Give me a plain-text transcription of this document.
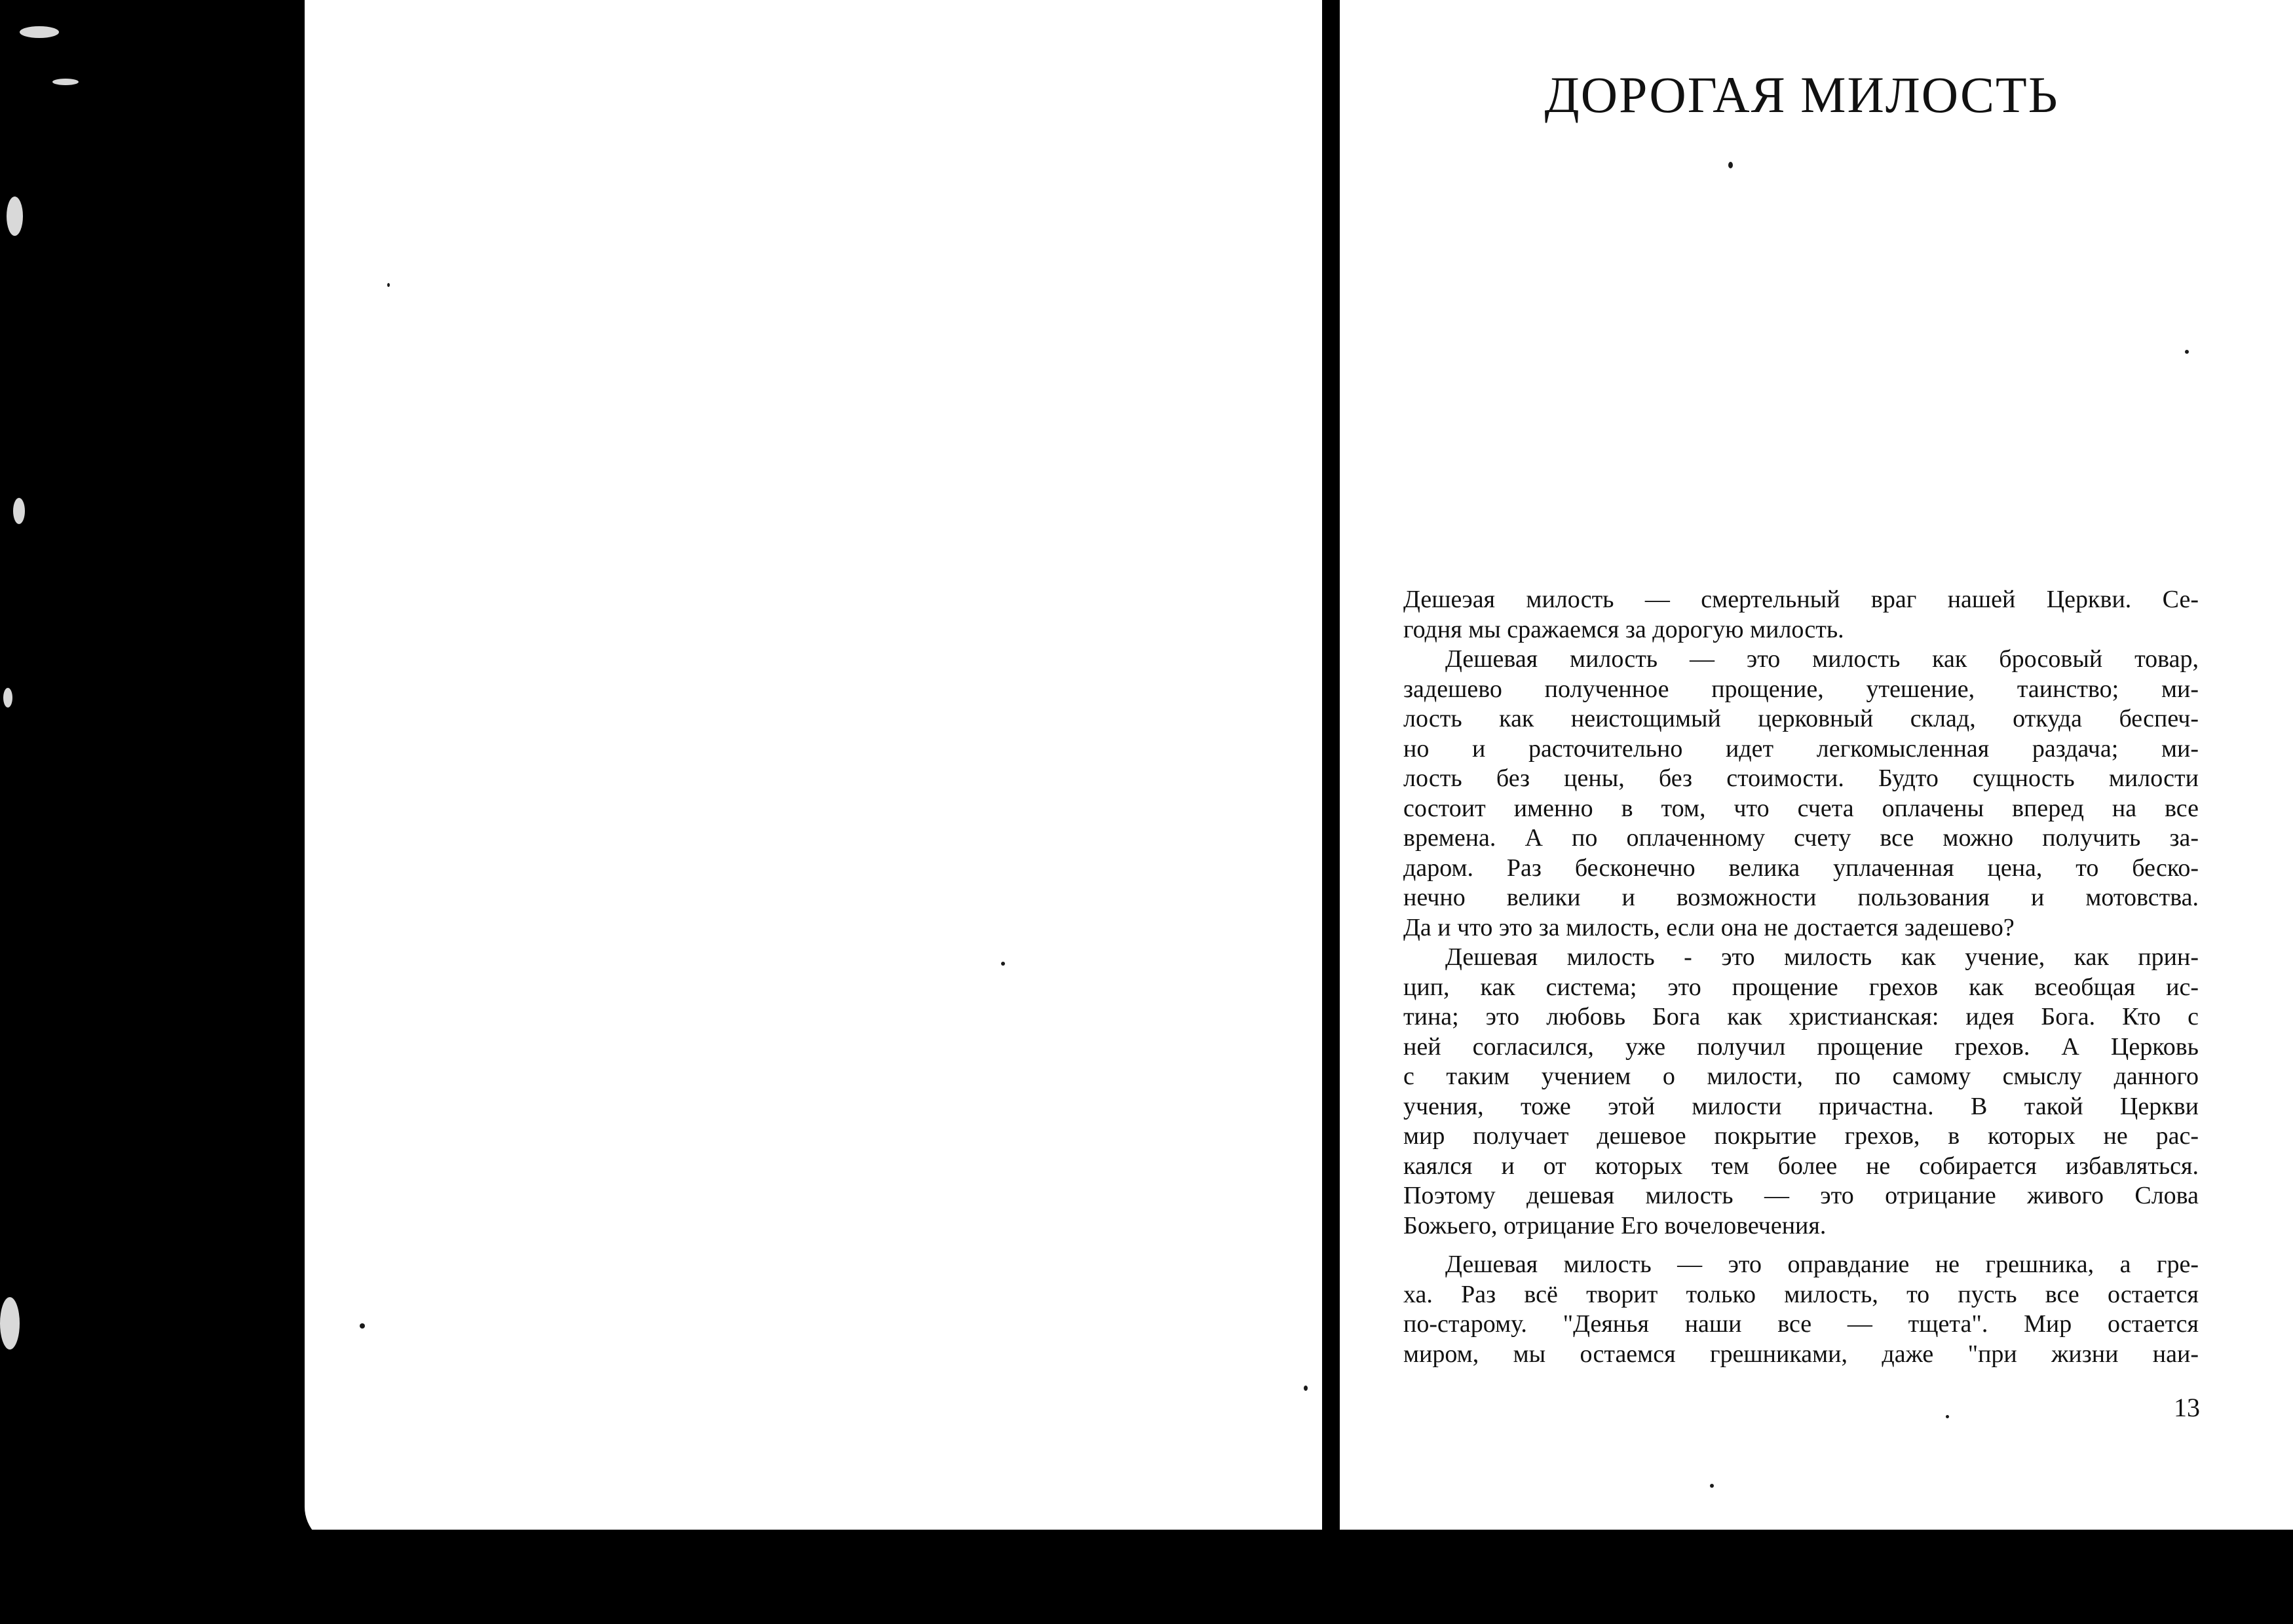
ДОРОГАЯ МИЛОСТЬ
Дешеэая милость — смертельный враг нашей Церкви. Се-
годня мы сражаемся за дорогую милость.
Дешевая милость — это милость как бросовый товар,
задешево полученное прощение, утешение, таинство; ми-
лость как неистощимый церковный склад, откуда беспеч-
но и расточительно идет легкомысленная раздача; ми-
лость без цены, без стоимости. Будто сущность милости
состоит именно в том, что счета оплачены вперед на все
времена. А по оплаченному счету все можно получить за-
даром. Раз бесконечно велика уплаченная цена, то беско-
нечно велики и возможности пользования и мотовства.
Да и что это за милость, если она не достается задешево?
Дешевая милость - это милость как учение, как прин-
цип, как система; это прощение грехов как всеобщая ис-
тина; это любовь Бога как христианская: идея Бога. Кто с
ней согласился, уже получил прощение грехов. А Церковь
с таким учением о милости, по самому смыслу данного
учения, тоже этой милости причастна. В такой Церкви
мир получает дешевое покрытие грехов, в которых не рас-
каялся и от которых тем более не собирается избавляться.
Поэтому дешевая милость — это отрицание живого Слова
Божьего, отрицание Его вочеловечения.
Дешевая милость — это оправдание не грешника, а гре-
ха. Раз всё творит только милость, то пусть все остается
по-старому. "Деянья наши все — тщета". Мир остается
миром, мы остаемся грешниками, даже "при жизни наи-
13
